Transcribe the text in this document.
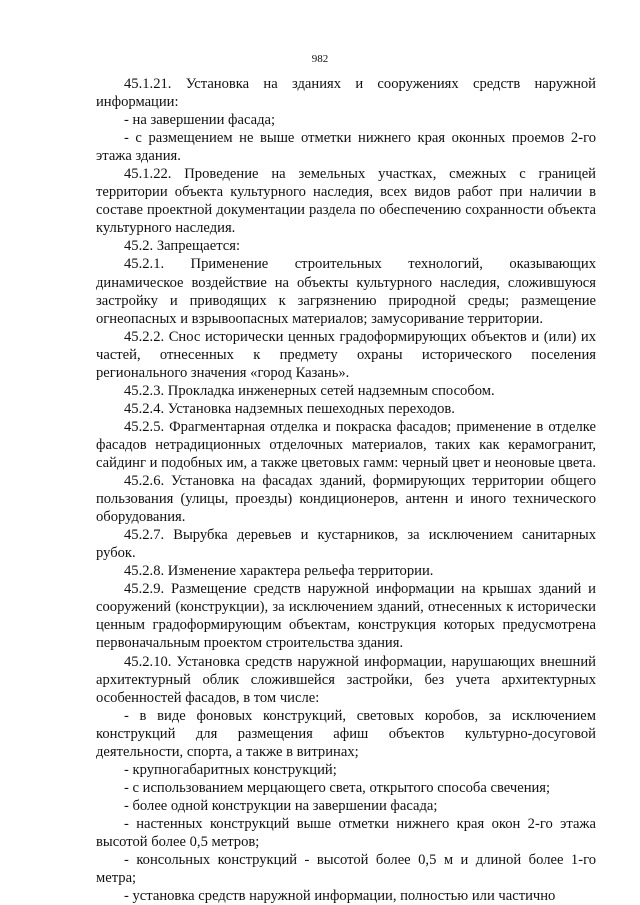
982

45.1.21. Установка на зданиях и сооружениях средств наружной информации:

- на завершении фасада;

- с размещением не выше отметки нижнего края оконных проемов 2-го этажа здания.

45.1.22. Проведение на земельных участках, смежных с границей территории объекта культурного наследия, всех видов работ при наличии в составе проектной документации раздела по обеспечению сохранности объекта культурного наследия.

45.2. Запрещается:

45.2.1. Применение строительных технологий, оказывающих динамическое воздействие на объекты культурного наследия, сложившуюся застройку и приводящих к загрязнению природной среды; размещение огнеопасных и взрывоопасных материалов; замусоривание территории.

45.2.2. Снос исторически ценных градоформирующих объектов и (или) их частей, отнесенных к предмету охраны исторического поселения регионального значения «город Казань».

45.2.3. Прокладка инженерных сетей надземным способом.

45.2.4. Установка надземных пешеходных переходов.

45.2.5. Фрагментарная отделка и покраска фасадов; применение в отделке фасадов нетрадиционных отделочных материалов, таких как керамогранит, сайдинг и подобных им, а также цветовых гамм: черный цвет и неоновые цвета.

45.2.6. Установка на фасадах зданий, формирующих территории общего пользования (улицы, проезды) кондиционеров, антенн и иного технического оборудования.

45.2.7. Вырубка деревьев и кустарников, за исключением санитарных рубок.

45.2.8. Изменение характера рельефа территории.

45.2.9. Размещение средств наружной информации на крышах зданий и сооружений (конструкции), за исключением зданий, отнесенных к исторически ценным градоформирующим объектам, конструкция которых предусмотрена первоначальным проектом строительства здания.

45.2.10. Установка средств наружной информации, нарушающих внешний архитектурный облик сложившейся застройки, без учета архитектурных особенностей фасадов, в том числе:

- в виде фоновых конструкций, световых коробов, за исключением конструкций для размещения афиш объектов культурно-досуговой деятельности, спорта, а также в витринах;

- крупногабаритных конструкций;

- с использованием мерцающего света, открытого способа свечения;

- более одной конструкции на завершении фасада;

- настенных конструкций выше отметки нижнего края окон 2-го этажа высотой более 0,5 метров;

- консольных конструкций - высотой более 0,5 м и длиной более 1-го метра;

- установка средств наружной информации, полностью или частично
